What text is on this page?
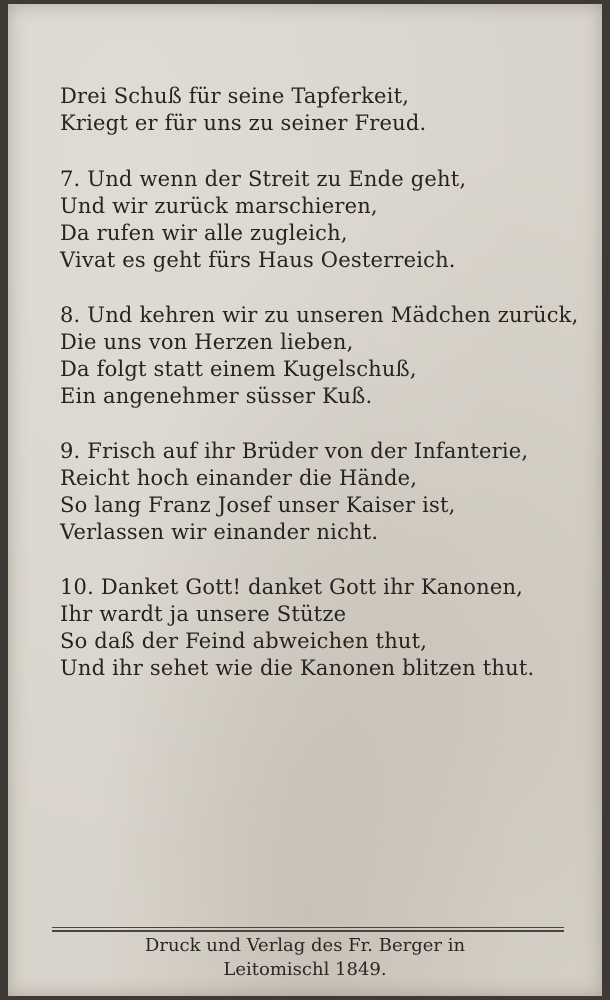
Drei Schuß für seine Tapferkeit,
Kriegt er für uns zu seiner Freud.
7. Und wenn der Streit zu Ende geht,
Und wir zurück marschieren,
Da rufen wir alle zugleich,
Vivat es geht fürs Haus Oesterreich.
8. Und kehren wir zu unseren Mädchen zurück,
Die uns von Herzen lieben,
Da folgt statt einem Kugelschuß,
Ein angenehmer süsser Kuß.
9. Frisch auf ihr Brüder von der Infanterie,
Reicht hoch einander die Hände,
So lang Franz Josef unser Kaiser ist,
Verlassen wir einander nicht.
10. Danket Gott! danket Gott ihr Kanonen,
Ihr wardt ja unsere Stütze
So daß der Feind abweichen thut,
Und ihr sehet wie die Kanonen blitzen thut.
Druck und Verlag des Fr. Berger in
Leitomischl 1849.
